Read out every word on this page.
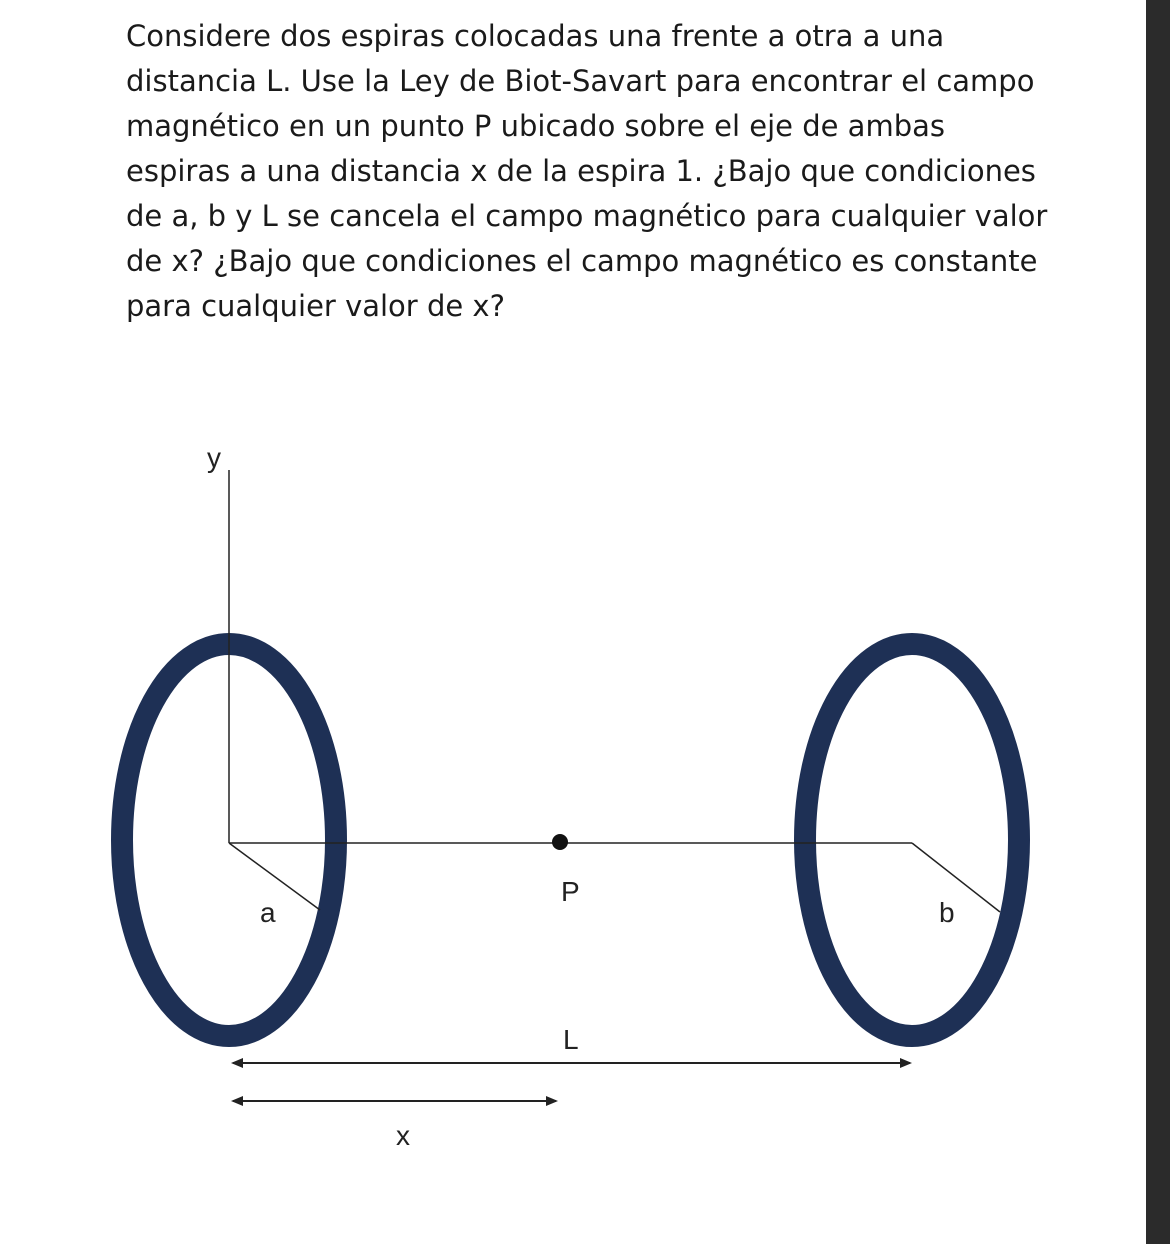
Considere dos espiras colocadas una frente a otra a una distancia L. Use la Ley de Biot-Savart para encontrar el campo magnético en un punto P ubicado sobre el eje de ambas espiras a una distancia x de la espira 1. ¿Bajo que condiciones de a, b y L se cancela el campo magnético para cualquier valor de x? ¿Bajo que condiciones el campo magnético es constante para cualquier valor de x?

y
a
P
b
L
x
